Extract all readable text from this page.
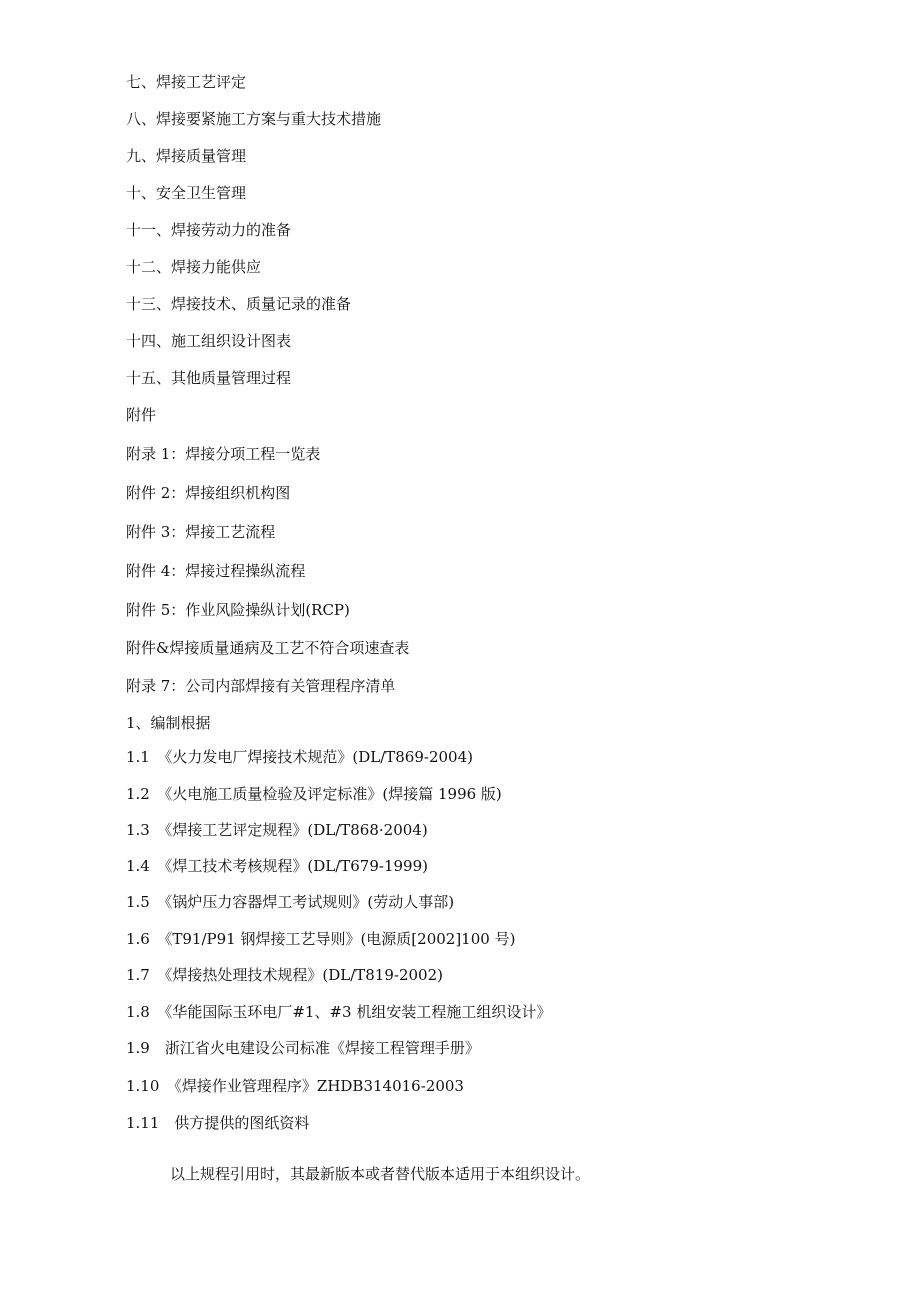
七、焊接工艺评定
八、焊接要紧施工方案与重大技术措施
九、焊接质量管理
十、安全卫生管理
十一、焊接劳动力的准备
十二、焊接力能供应
十三、焊接技术、质量记录的准备
十四、施工组织设计图表
十五、其他质量管理过程
附件
附录 1：焊接分项工程一览表
附件 2：焊接组织机构图
附件 3：焊接工艺流程
附件 4：焊接过程操纵流程
附件 5：作业风险操纵计划(RCP)
附件&焊接质量通病及工艺不符合项速查表
附录 7：公司内部焊接有关管理程序清单
1、编制根据
1.1　《火力发电厂焊接技术规范》(DL/T869-2004)
1.2　《火电施工质量检验及评定标准》(焊接篇 1996 版)
1.3　《焊接工艺评定规程》(DL/T868·2004)
1.4　《焊工技术考核规程》(DL/T679-1999)
1.5　《锅炉压力容器焊工考试规则》(劳动人事部)
1.6　《T91/P91 钢焊接工艺导则》(电源质[2002]100 号)
1.7　《焊接热处理技术规程》(DL/T819-2002)
1.8　《华能国际玉环电厂#1、#3 机组安装工程施工组织设计》
1.9　浙江省火电建设公司标准《焊接工程管理手册》
1.10　《焊接作业管理程序》ZHDB314016-2003
1.11　供方提供的图纸资料
以上规程引用时，其最新版本或者替代版本适用于本组织设计。
